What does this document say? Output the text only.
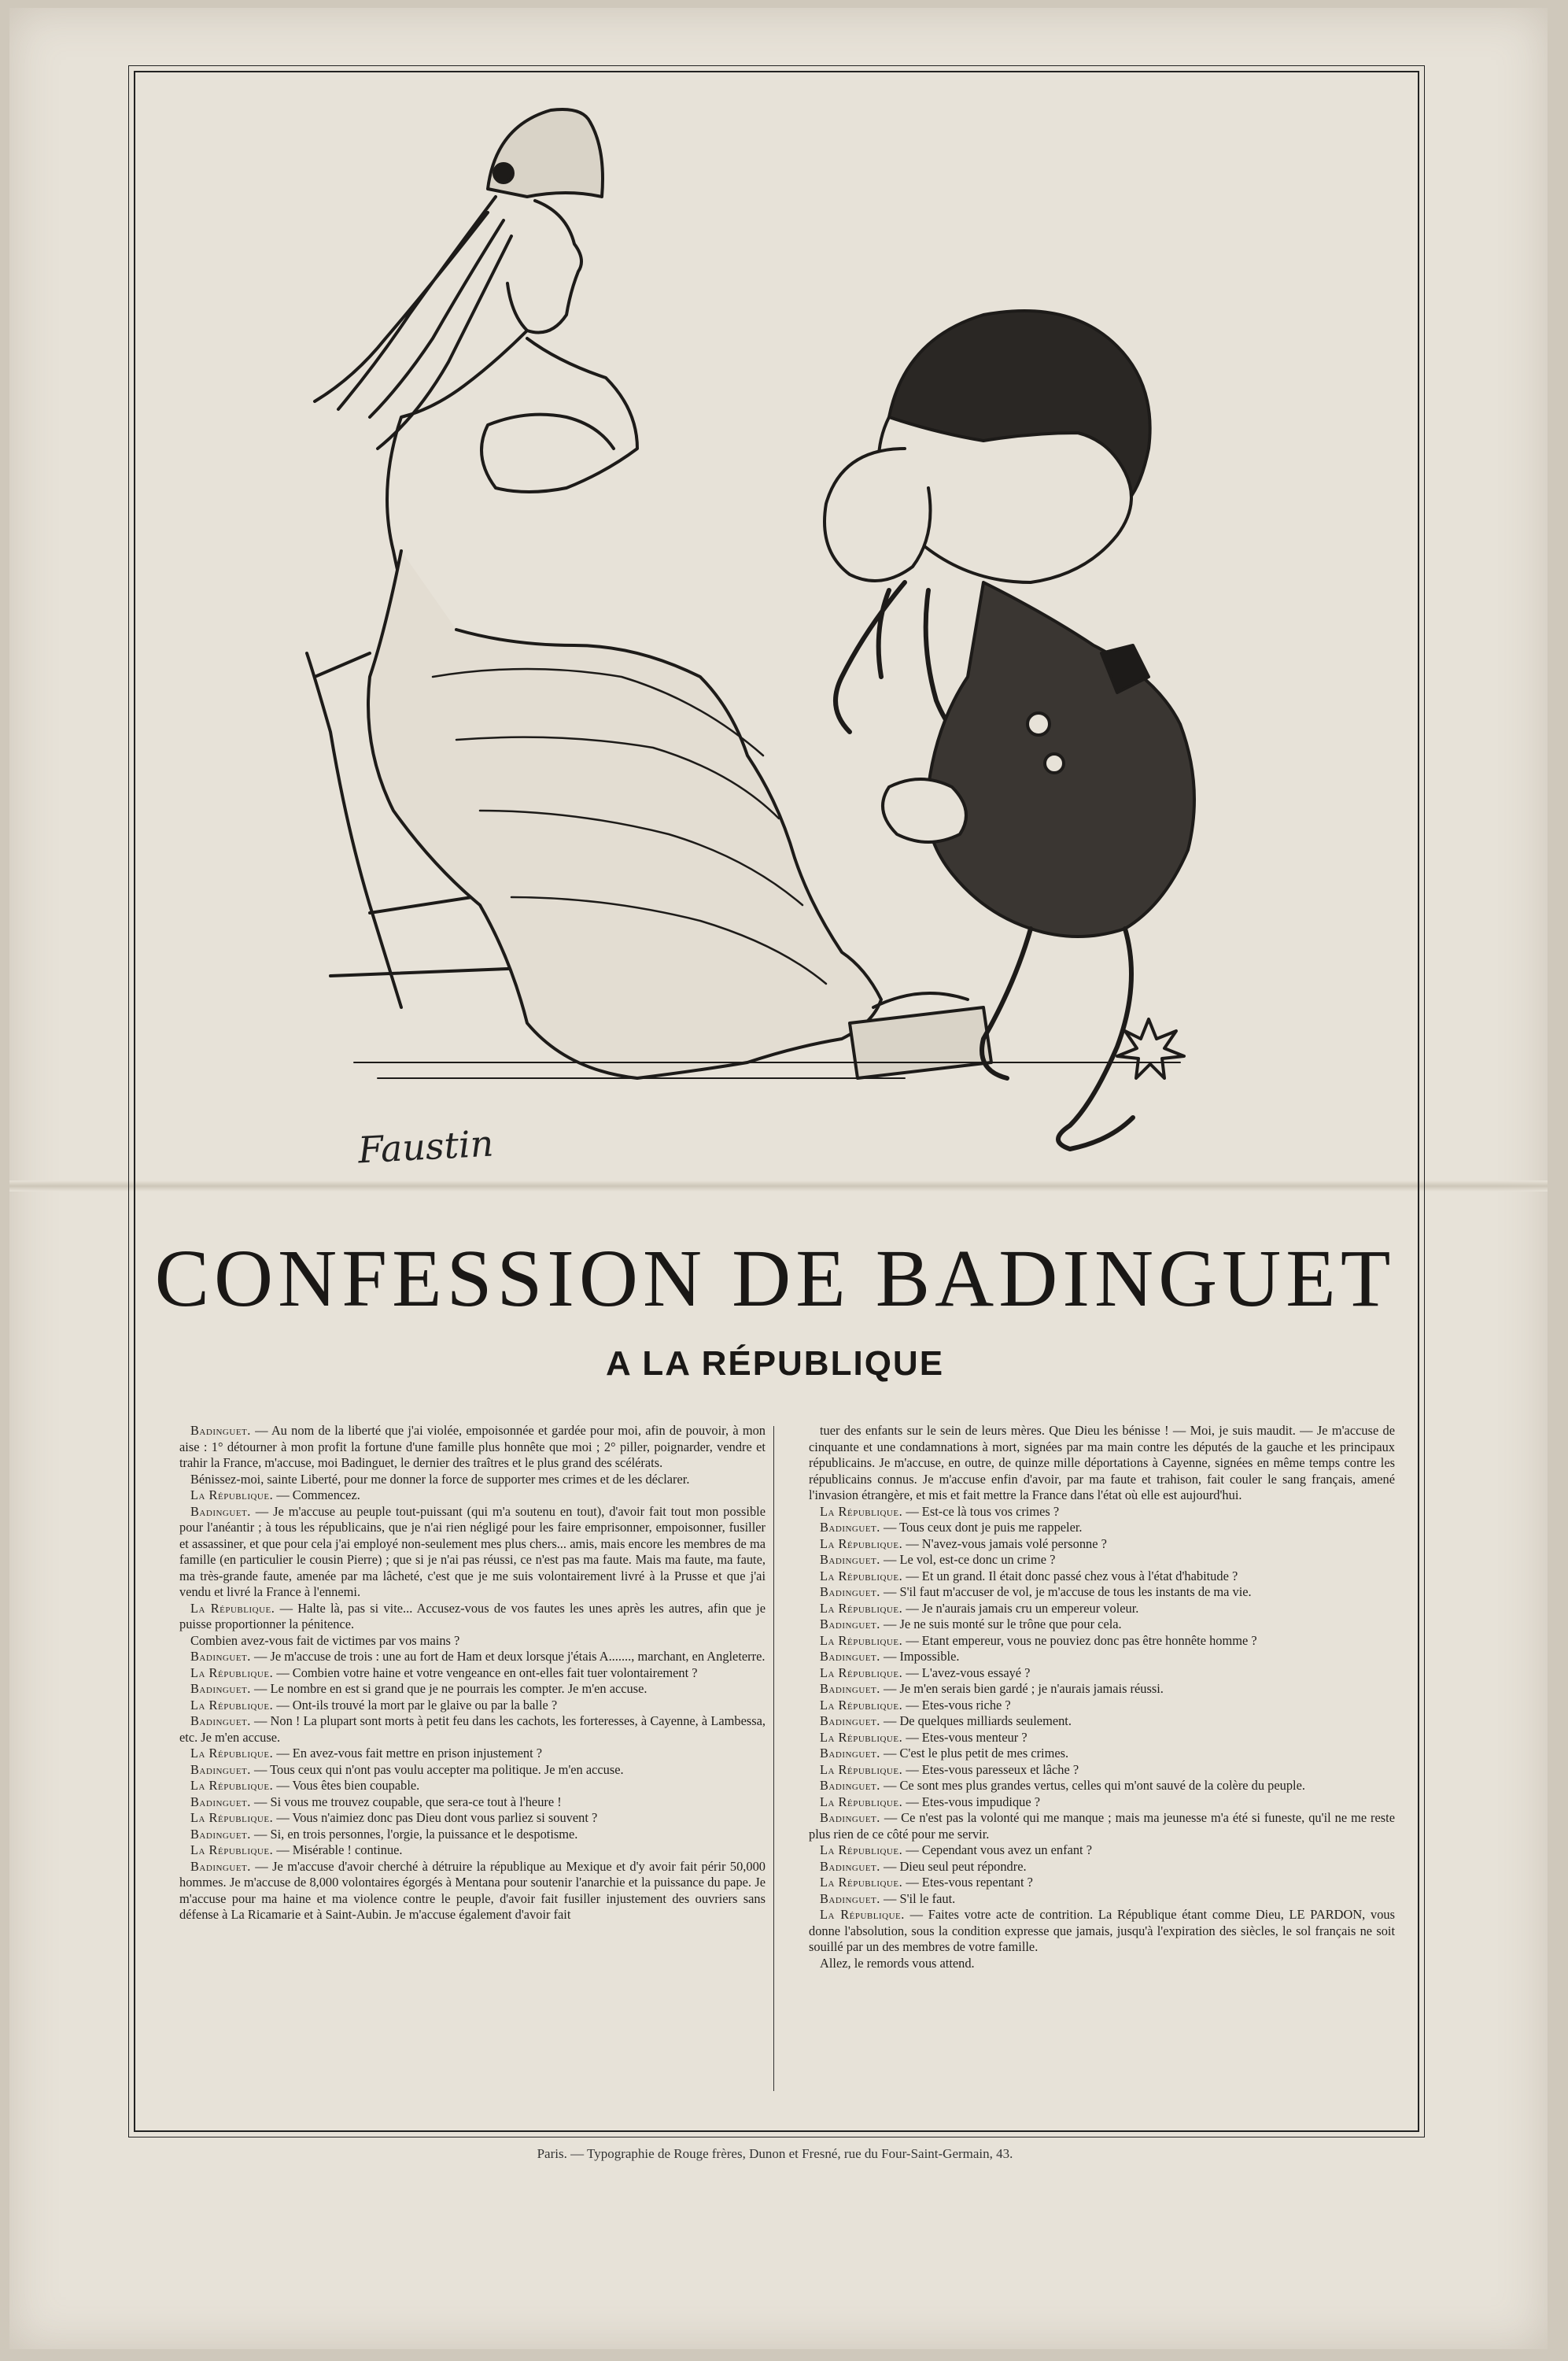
Faustin
CONFESSION DE BADINGUET
A LA RÉPUBLIQUE

Badinguet. — Au nom de la liberté que j'ai violée, empoisonnée et gardée pour moi, afin de pouvoir, à mon aise : 1° détourner à mon profit la fortune d'une famille plus honnête que moi ; 2° piller, poignarder, vendre et trahir la France, m'accuse, moi Badinguet, le dernier des traîtres et le plus grand des scélérats.

Bénissez-moi, sainte Liberté, pour me donner la force de supporter mes crimes et de les déclarer.

La République. — Commencez.

Badinguet. — Je m'accuse au peuple tout-puissant (qui m'a soutenu en tout), d'avoir fait tout mon possible pour l'anéantir ; à tous les républicains, que je n'ai rien négligé pour les faire emprisonner, empoisonner, fusiller et assassiner, et que pour cela j'ai employé non-seulement mes plus chers... amis, mais encore les membres de ma famille (en particulier le cousin Pierre) ; que si je n'ai pas réussi, ce n'est pas ma faute. Mais ma faute, ma faute, ma très-grande faute, amenée par ma lâcheté, c'est que je me suis volontairement livré à la Prusse et que j'ai vendu et livré la France à l'ennemi.

La République. — Halte là, pas si vite... Accusez-vous de vos fautes les unes après les autres, afin que je puisse proportionner la pénitence.

Combien avez-vous fait de victimes par vos mains ?

Badinguet. — Je m'accuse de trois : une au fort de Ham et deux lorsque j'étais A......., marchant, en Angleterre.

La République. — Combien votre haine et votre vengeance en ont-elles fait tuer volontairement ?

Badinguet. — Le nombre en est si grand que je ne pourrais les compter. Je m'en accuse.

La République. — Ont-ils trouvé la mort par le glaive ou par la balle ?

Badinguet. — Non ! La plupart sont morts à petit feu dans les cachots, les forteresses, à Cayenne, à Lambessa, etc. Je m'en accuse.

La République. — En avez-vous fait mettre en prison injustement ?

Badinguet. — Tous ceux qui n'ont pas voulu accepter ma politique. Je m'en accuse.

La République. — Vous êtes bien coupable.

Badinguet. — Si vous me trouvez coupable, que sera-ce tout à l'heure !

La République. — Vous n'aimiez donc pas Dieu dont vous parliez si souvent ?

Badinguet. — Si, en trois personnes, l'orgie, la puissance et le despotisme.

La République. — Misérable ! continue.

Badinguet. — Je m'accuse d'avoir cherché à détruire la république au Mexique et d'y avoir fait périr 50,000 hommes. Je m'accuse de 8,000 volontaires égorgés à Mentana pour soutenir l'anarchie et la puissance du pape. Je m'accuse pour ma haine et ma violence contre le peuple, d'avoir fait fusiller injustement des ouvriers sans défense à La Ricamarie et à Saint-Aubin. Je m'accuse également d'avoir fait

tuer des enfants sur le sein de leurs mères. Que Dieu les bénisse ! — Moi, je suis maudit. — Je m'accuse de cinquante et une condamnations à mort, signées par ma main contre les députés de la gauche et les principaux républicains. Je m'accuse, en outre, de quinze mille déportations à Cayenne, signées en même temps contre les républicains connus. Je m'accuse enfin d'avoir, par ma faute et trahison, fait couler le sang français, amené l'invasion étrangère, et mis et fait mettre la France dans l'état où elle est aujourd'hui.

La République. — Est-ce là tous vos crimes ?

Badinguet. — Tous ceux dont je puis me rappeler.

La République. — N'avez-vous jamais volé personne ?

Badinguet. — Le vol, est-ce donc un crime ?

La République. — Et un grand. Il était donc passé chez vous à l'état d'habitude ?

Badinguet. — S'il faut m'accuser de vol, je m'accuse de tous les instants de ma vie.

La République. — Je n'aurais jamais cru un empereur voleur.

Badinguet. — Je ne suis monté sur le trône que pour cela.

La République. — Etant empereur, vous ne pouviez donc pas être honnête homme ?

Badinguet. — Impossible.

La République. — L'avez-vous essayé ?

Badinguet. — Je m'en serais bien gardé ; je n'aurais jamais réussi.

La République. — Etes-vous riche ?

Badinguet. — De quelques milliards seulement.

La République. — Etes-vous menteur ?

Badinguet. — C'est le plus petit de mes crimes.

La République. — Etes-vous paresseux et lâche ?

Badinguet. — Ce sont mes plus grandes vertus, celles qui m'ont sauvé de la colère du peuple.

La République. — Etes-vous impudique ?

Badinguet. — Ce n'est pas la volonté qui me manque ; mais ma jeunesse m'a été si funeste, qu'il ne me reste plus rien de ce côté pour me servir.

La République. — Cependant vous avez un enfant ?

Badinguet. — Dieu seul peut répondre.

La République. — Etes-vous repentant ?

Badinguet. — S'il le faut.

La République. — Faites votre acte de contrition. La République étant comme Dieu, LE PARDON, vous donne l'absolution, sous la condition expresse que jamais, jusqu'à l'expiration des siècles, le sol français ne soit souillé par un des membres de votre famille.

Allez, le remords vous attend.

Paris. — Typographie de Rouge frères, Dunon et Fresné, rue du Four-Saint-Germain, 43.
